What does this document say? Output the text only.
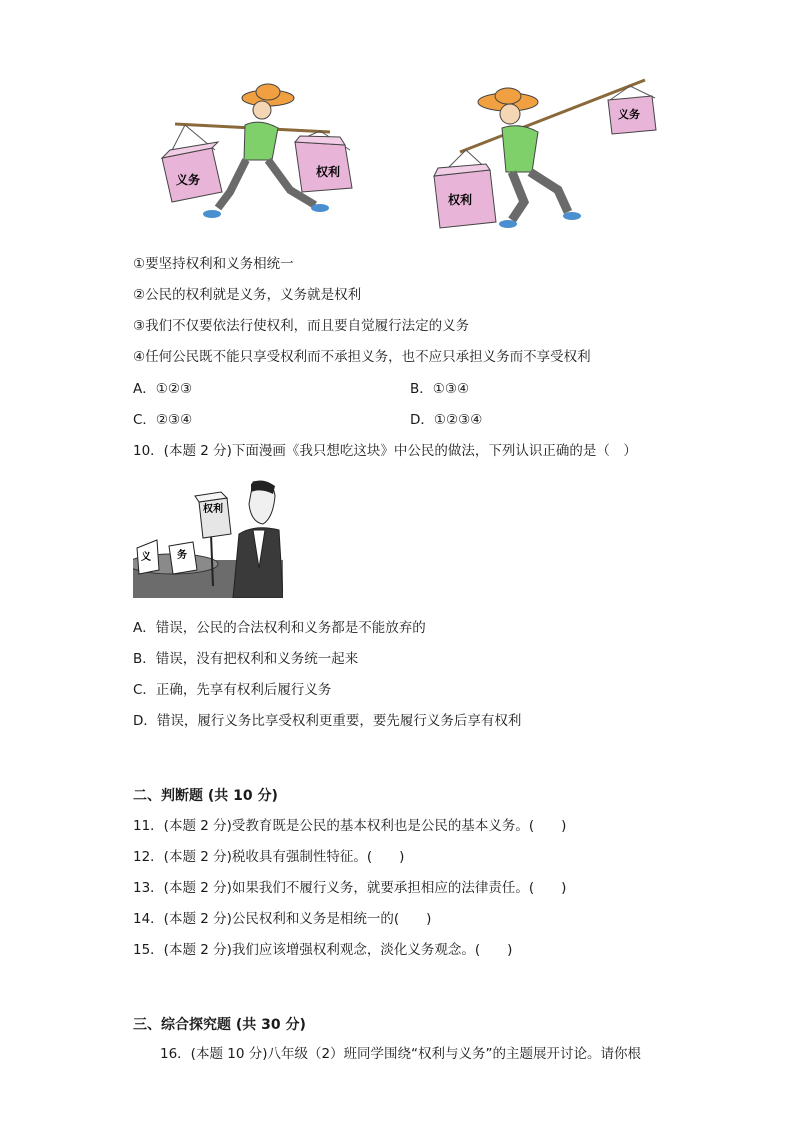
义务
权利
义务
权利
①要坚持权利和义务相统一
②公民的权利就是义务，义务就是权利
③我们不仅要依法行使权利，而且要自觉履行法定的义务
④任何公民既不能只享受权利而不承担义务，也不应只承担义务而不享受权利
A．①②③	B．①③④
C．②③④	D．①②③④
10．(本题 2 分)下面漫画《我只想吃这块》中公民的做法，下列认识正确的是（　）
义	务
权利
A．错误，公民的合法权利和义务都是不能放弃的
B．错误，没有把权利和义务统一起来
C．正确，先享有权利后履行义务
D．错误，履行义务比享受权利更重要，要先履行义务后享有权利
二、判断题 (共 10 分)
11．(本题 2 分)受教育既是公民的基本权利也是公民的基本义务。(　　)
12．(本题 2 分)税收具有强制性特征。(　　)
13．(本题 2 分)如果我们不履行义务，就要承担相应的法律责任。(　　)
14．(本题 2 分)公民权利和义务是相统一的(　　)
15．(本题 2 分)我们应该增强权利观念，淡化义务观念。(　　)
三、综合探究题 (共 30 分)
16．(本题 10 分)八年级（2）班同学围绕“权利与义务”的主题展开讨论。请你根
